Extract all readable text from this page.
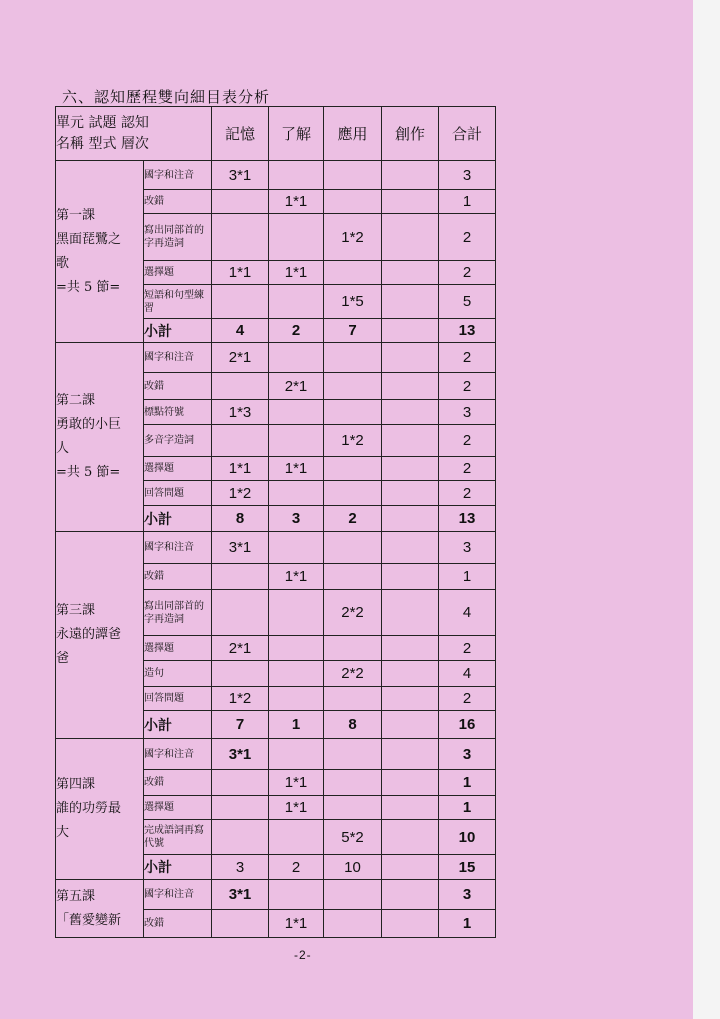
六、認知歷程雙向細目表分析
單元 試題 認知
名稱 型式 層次		記憶	了解	應用	創作	合計

第一課
黑面琵鷺之
歌
=共 5 節=	國字和注音	3*1				3
	改錯		1*1			1
	寫出同部首的字再造詞			1*2		2
	選擇題	1*1	1*1			2
	短語和句型練習			1*5		5
	小計	4	2	7		13

第二課
勇敢的小巨
人
=共 5 節=	國字和注音	2*1				2
	改錯		2*1			2
	標點符號	1*3				3
	多音字造詞			1*2		2
	選擇題	1*1	1*1			2
	回答問題	1*2				2
	小計	8	3	2		13

第三課
永遠的譚爸
爸	國字和注音	3*1				3
	改錯		1*1			1
	寫出同部首的字再造詞			2*2		4
	選擇題	2*1				2
	造句			2*2		4
	回答問題	1*2				2
	小計	7	1	8		16

第四課
誰的功勞最
大	國字和注音	3*1				3
	改錯		1*1			1
	選擇題		1*1			1
	完成語詞再寫代號			5*2		10
	小計	3	2	10		15

第五課
「舊愛變新	國字和注音	3*1				3
	改錯		1*1			1
-2-
